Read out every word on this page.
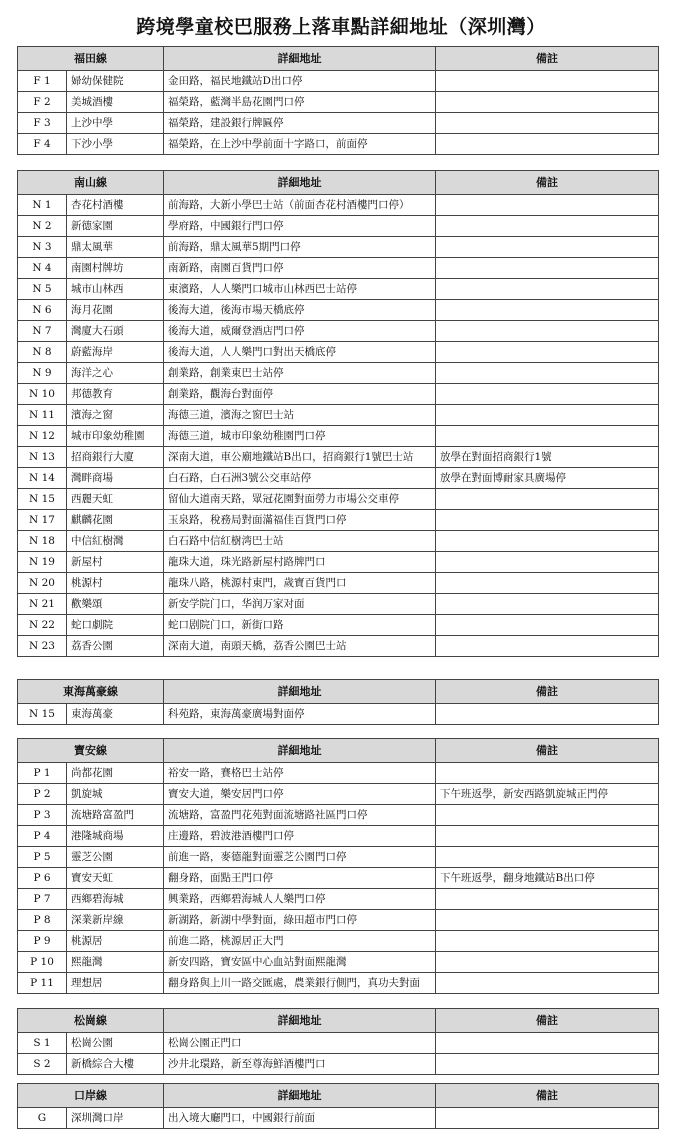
跨境學童校巴服務上落車點詳細地址（深圳灣）
福田線		詳細地址	備註
F 1	婦幼保健院	金田路，福民地鐵站D出口停	
F 2	美城酒樓	福榮路，藍灣半島花園門口停	
F 3	上沙中學	福榮路，建設銀行牌匾停	
F 4	下沙小學	福榮路，在上沙中學前面十字路口，前面停	
南山線		詳細地址	備註
N 1	杏花村酒樓	前海路，大新小學巴士站（前面杏花村酒樓門口停）	
N 2	新德家園	學府路，中國銀行門口停	
N 3	鼎太風華	前海路，鼎太風華5期門口停	
N 4	南園村牌坊	南新路，南園百貨門口停	
N 5	城市山林西	東濱路，人人樂門口城市山林西巴士站停	
N 6	海月花園	後海大道，後海市場天橋底停	
N 7	灣廈大石頭	後海大道，威爾登酒店門口停	
N 8	蔚藍海岸	後海大道，人人樂門口對出天橋底停	
N 9	海洋之心	創業路，創業東巴士站停	
N 10	邦德教育	創業路，觀海台對面停	
N 11	濱海之窗	海德三道，濱海之窗巴士站	
N 12	城市印象幼稚園	海德三道，城市印象幼稚園門口停	
N 13	招商銀行大廈	深南大道，車公廟地鐵站B出口，招商銀行1號巴士站	放學在對面招商銀行1號
N 14	灣畔商場	白石路，白石洲3號公交車站停	放學在對面博耐家具廣場停
N 15	西麗天虹	留仙大道南天路，眾冠花園對面勞力市場公交車停	
N 17	麒麟花園	玉泉路，稅務局對面滿福佳百貨門口停	
N 18	中信紅樹灣	白石路中信紅樹湾巴士站	
N 19	新屋村	龍珠大道，珠光路新屋村路牌門口	
N 20	桃源村	龍珠八路，桃源村東門，歲寶百貨門口	
N 21	歡樂頌	新安学院门口，华润万家对面	
N 22	蛇口劇院	蛇口剧院门口，新街口路	
N 23	荔香公園	深南大道，南頭天橋，荔香公園巴士站	
東海萬豪線		詳細地址	備註
N 15	東海萬豪	科苑路，東海萬豪廣場對面停	
寶安線		詳細地址	備註
P 1	尚都花園	裕安一路，賽格巴士站停	
P 2	凱旋城	寶安大道，樂安居門口停	下午班返學，新安西路凱旋城正門停
P 3	流塘路富盈門	流塘路，富盈門花苑對面流塘路社區門口停	
P 4	港隆城商場	庄邊路，碧波港酒樓門口停	
P 5	靈芝公園	前進一路，麥德龍對面靈芝公園門口停	
P 6	寶安天虹	翻身路，面點王門口停	下午班返學，翻身地鐵站B出口停
P 7	西鄉碧海城	興業路，西鄉碧海城人人樂門口停	
P 8	深業新岸線	新湖路，新湖中學對面，綠田超市門口停	
P 9	桃源居	前進二路，桃源居正大門	
P 10	熙龍灣	新安四路，寶安區中心血站對面熙龍灣	
P 11	理想居	翻身路與上川一路交匯處，農業銀行側門，真功夫對面	
松崗線		詳細地址	備註
S 1	松崗公園	松崗公園正門口	
S 2	新橋綜合大樓	沙井北環路，新至尊海鮮酒樓門口	
口岸線		詳細地址	備註
G	深圳灣口岸	出入境大廳門口，中國銀行前面	
